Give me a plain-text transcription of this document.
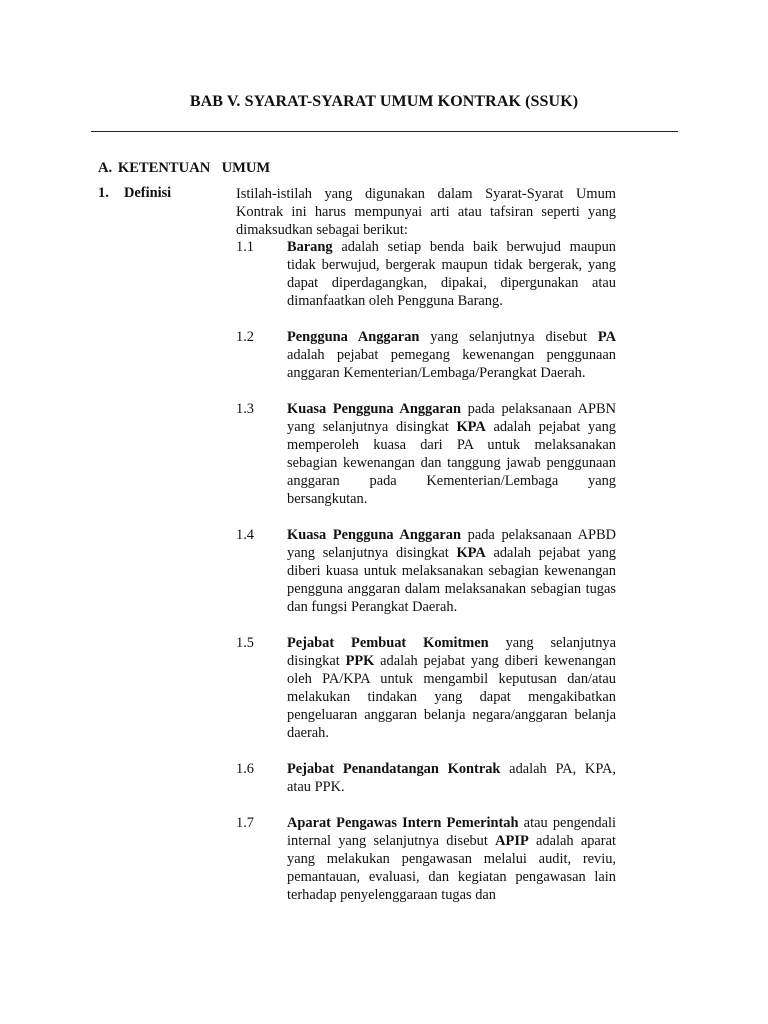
BAB V. SYARAT-SYARAT UMUM KONTRAK (SSUK)
A. KETENTUAN  UMUM
1. Definisi	Istilah-istilah yang digunakan dalam Syarat-Syarat Umum Kontrak ini harus mempunyai arti atau tafsiran seperti yang dimaksudkan sebagai berikut:
1.1	Barang adalah setiap benda baik berwujud maupun tidak berwujud, bergerak maupun tidak bergerak, yang dapat diperdagangkan, dipakai, dipergunakan atau dimanfaatkan oleh Pengguna Barang.
1.2	Pengguna Anggaran yang selanjutnya disebut PA adalah pejabat pemegang kewenangan penggunaan anggaran Kementerian/Lembaga/Perangkat Daerah.
1.3	Kuasa Pengguna Anggaran pada pelaksanaan APBN yang selanjutnya disingkat KPA adalah pejabat yang memperoleh kuasa dari PA untuk melaksanakan sebagian kewenangan dan tanggung jawab penggunaan anggaran pada Kementerian/Lembaga yang bersangkutan.
1.4	Kuasa Pengguna Anggaran pada pelaksanaan APBD yang selanjutnya disingkat KPA adalah pejabat yang diberi kuasa untuk melaksanakan sebagian kewenangan pengguna anggaran dalam melaksanakan sebagian tugas dan fungsi Perangkat Daerah.
1.5	Pejabat Pembuat Komitmen yang selanjutnya disingkat PPK adalah pejabat yang diberi kewenangan oleh PA/KPA untuk mengambil keputusan dan/atau melakukan tindakan yang dapat mengakibatkan pengeluaran anggaran belanja negara/anggaran belanja daerah.
1.6	Pejabat Penandatangan Kontrak adalah PA, KPA, atau PPK.
1.7	Aparat Pengawas Intern Pemerintah atau pengendali internal yang selanjutnya disebut APIP adalah aparat yang melakukan pengawasan melalui audit, reviu, pemantauan, evaluasi, dan kegiatan pengawasan lain terhadap penyelenggaraan tugas dan
